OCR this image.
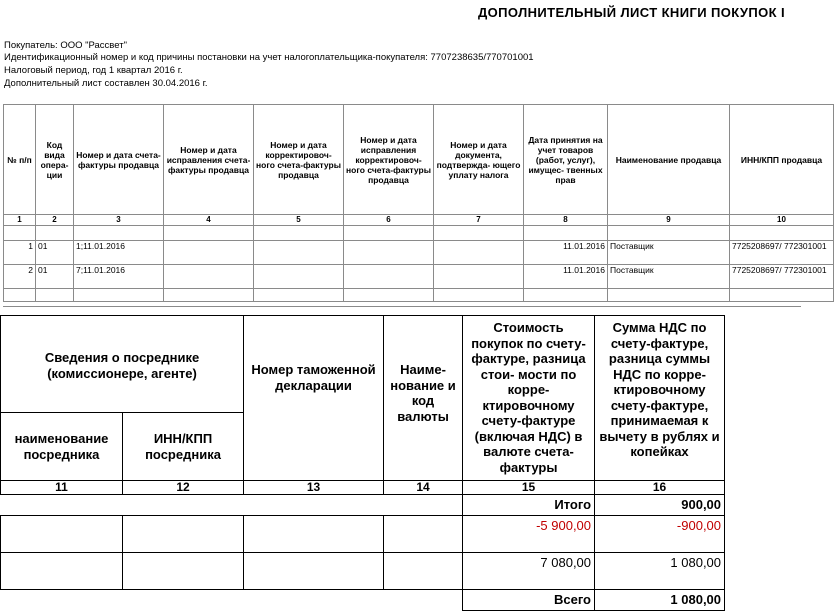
ДОПОЛНИТЕЛЬНЫЙ ЛИСТ КНИГИ ПОКУПОК I
Покупатель: ООО "Рассвет"
Идентификационный номер и код причины постановки на учет налогоплательщика-покупателя: 7707238635/770701001
Налоговый период, год 1 квартал 2016 г.
Дополнительный лист составлен 30.04.2016 г.
№ п/п	Код вида опера- ции	Номер и дата счета-фактуры продавца	Номер и дата исправления счета-фактуры продавца	Номер и дата корректировоч- ного счета-фактуры продавца	Номер и дата исправления корректировоч- ного счета-фактуры продавца	Номер и дата документа, подтвержда- ющего уплату налога	Дата принятия на учет товаров (работ, услуг), имущес- твенных прав	Наименование продавца	ИНН/КПП продавца
1	2	3	4	5	6	7	8	9	10

1	01	1;11.01.2016					11.01.2016	Поставщик	7725208697/ 772301001
2	01	7;11.01.2016					11.01.2016	Поставщик	7725208697/ 772301001

Сведения о посреднике (комиссионере, агенте)		Номер таможенной декларации	Наиме- нование и код валюты	Стоимость покупок по счету-фактуре, разница стои- мости по корре- ктировочному счету-фактуре (включая НДС) в валюте счета-фактуры	Сумма НДС по счету-фактуре, разница суммы НДС по корре- ктировочному счету-фактуре, принимаемая к вычету в рублях и копейках
наименование посредника	ИНН/КПП посредника				
11	12	13	14	15	16
				Итого	900,00
				-5 900,00	-900,00
				7 080,00	1 080,00
				Всего	1 080,00
